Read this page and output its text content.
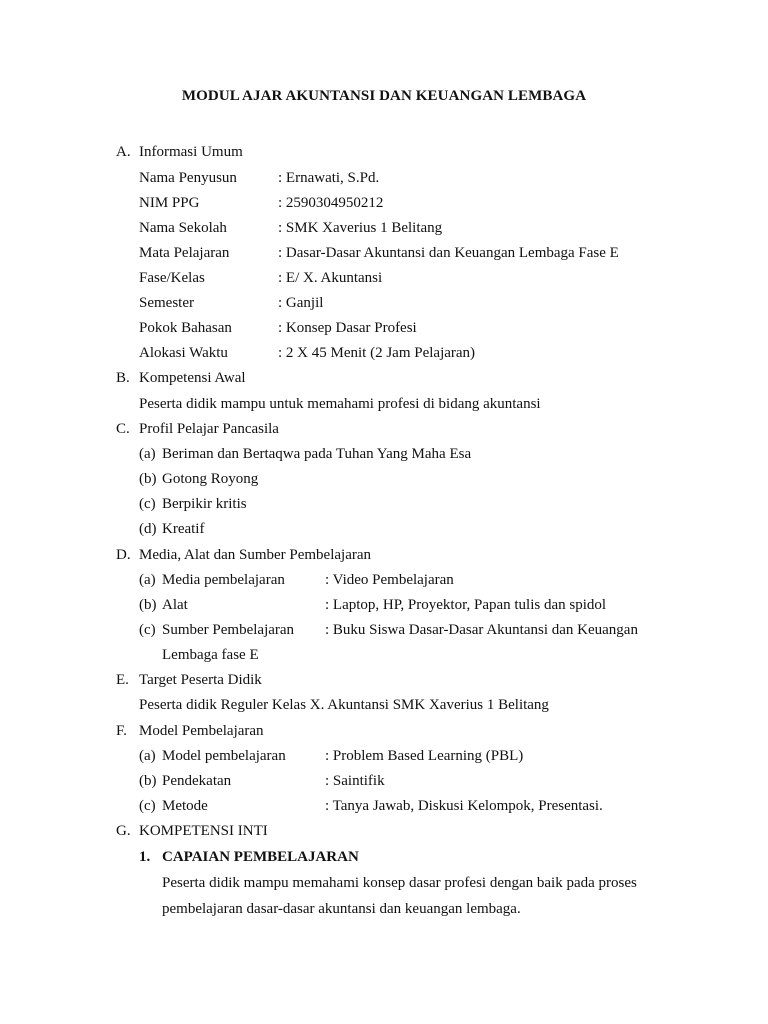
MODUL AJAR AKUNTANSI DAN KEUANGAN LEMBAGA
A. Informasi Umum
Nama Penyusun	: Ernawati, S.Pd.
NIM PPG	: 2590304950212
Nama Sekolah	: SMK Xaverius 1 Belitang
Mata Pelajaran	: Dasar-Dasar Akuntansi dan Keuangan Lembaga Fase E
Fase/Kelas	: E/ X. Akuntansi
Semester	: Ganjil
Pokok Bahasan	: Konsep Dasar Profesi
Alokasi Waktu	: 2 X 45 Menit (2 Jam Pelajaran)
B. Kompetensi Awal
Peserta didik mampu untuk memahami profesi di bidang akuntansi
C. Profil Pelajar Pancasila
(a) Beriman dan Bertaqwa pada Tuhan Yang Maha Esa
(b) Gotong Royong
(c) Berpikir kritis
(d) Kreatif
D. Media, Alat dan Sumber Pembelajaran
(a) Media pembelajaran	: Video Pembelajaran
(b) Alat	: Laptop, HP, Proyektor, Papan tulis dan spidol
(c) Sumber Pembelajaran : Buku Siswa Dasar-Dasar Akuntansi dan Keuangan
Lembaga fase E
E. Target Peserta Didik
Peserta didik Reguler Kelas X. Akuntansi SMK Xaverius 1 Belitang
F. Model Pembelajaran
(a) Model pembelajaran	: Problem Based Learning (PBL)
(b) Pendekatan	: Saintifik
(c) Metode	: Tanya Jawab, Diskusi Kelompok, Presentasi.
G. KOMPETENSI INTI
1. CAPAIAN PEMBELAJARAN
Peserta didik mampu memahami konsep dasar profesi dengan baik pada proses
pembelajaran dasar-dasar akuntansi dan keuangan lembaga.
